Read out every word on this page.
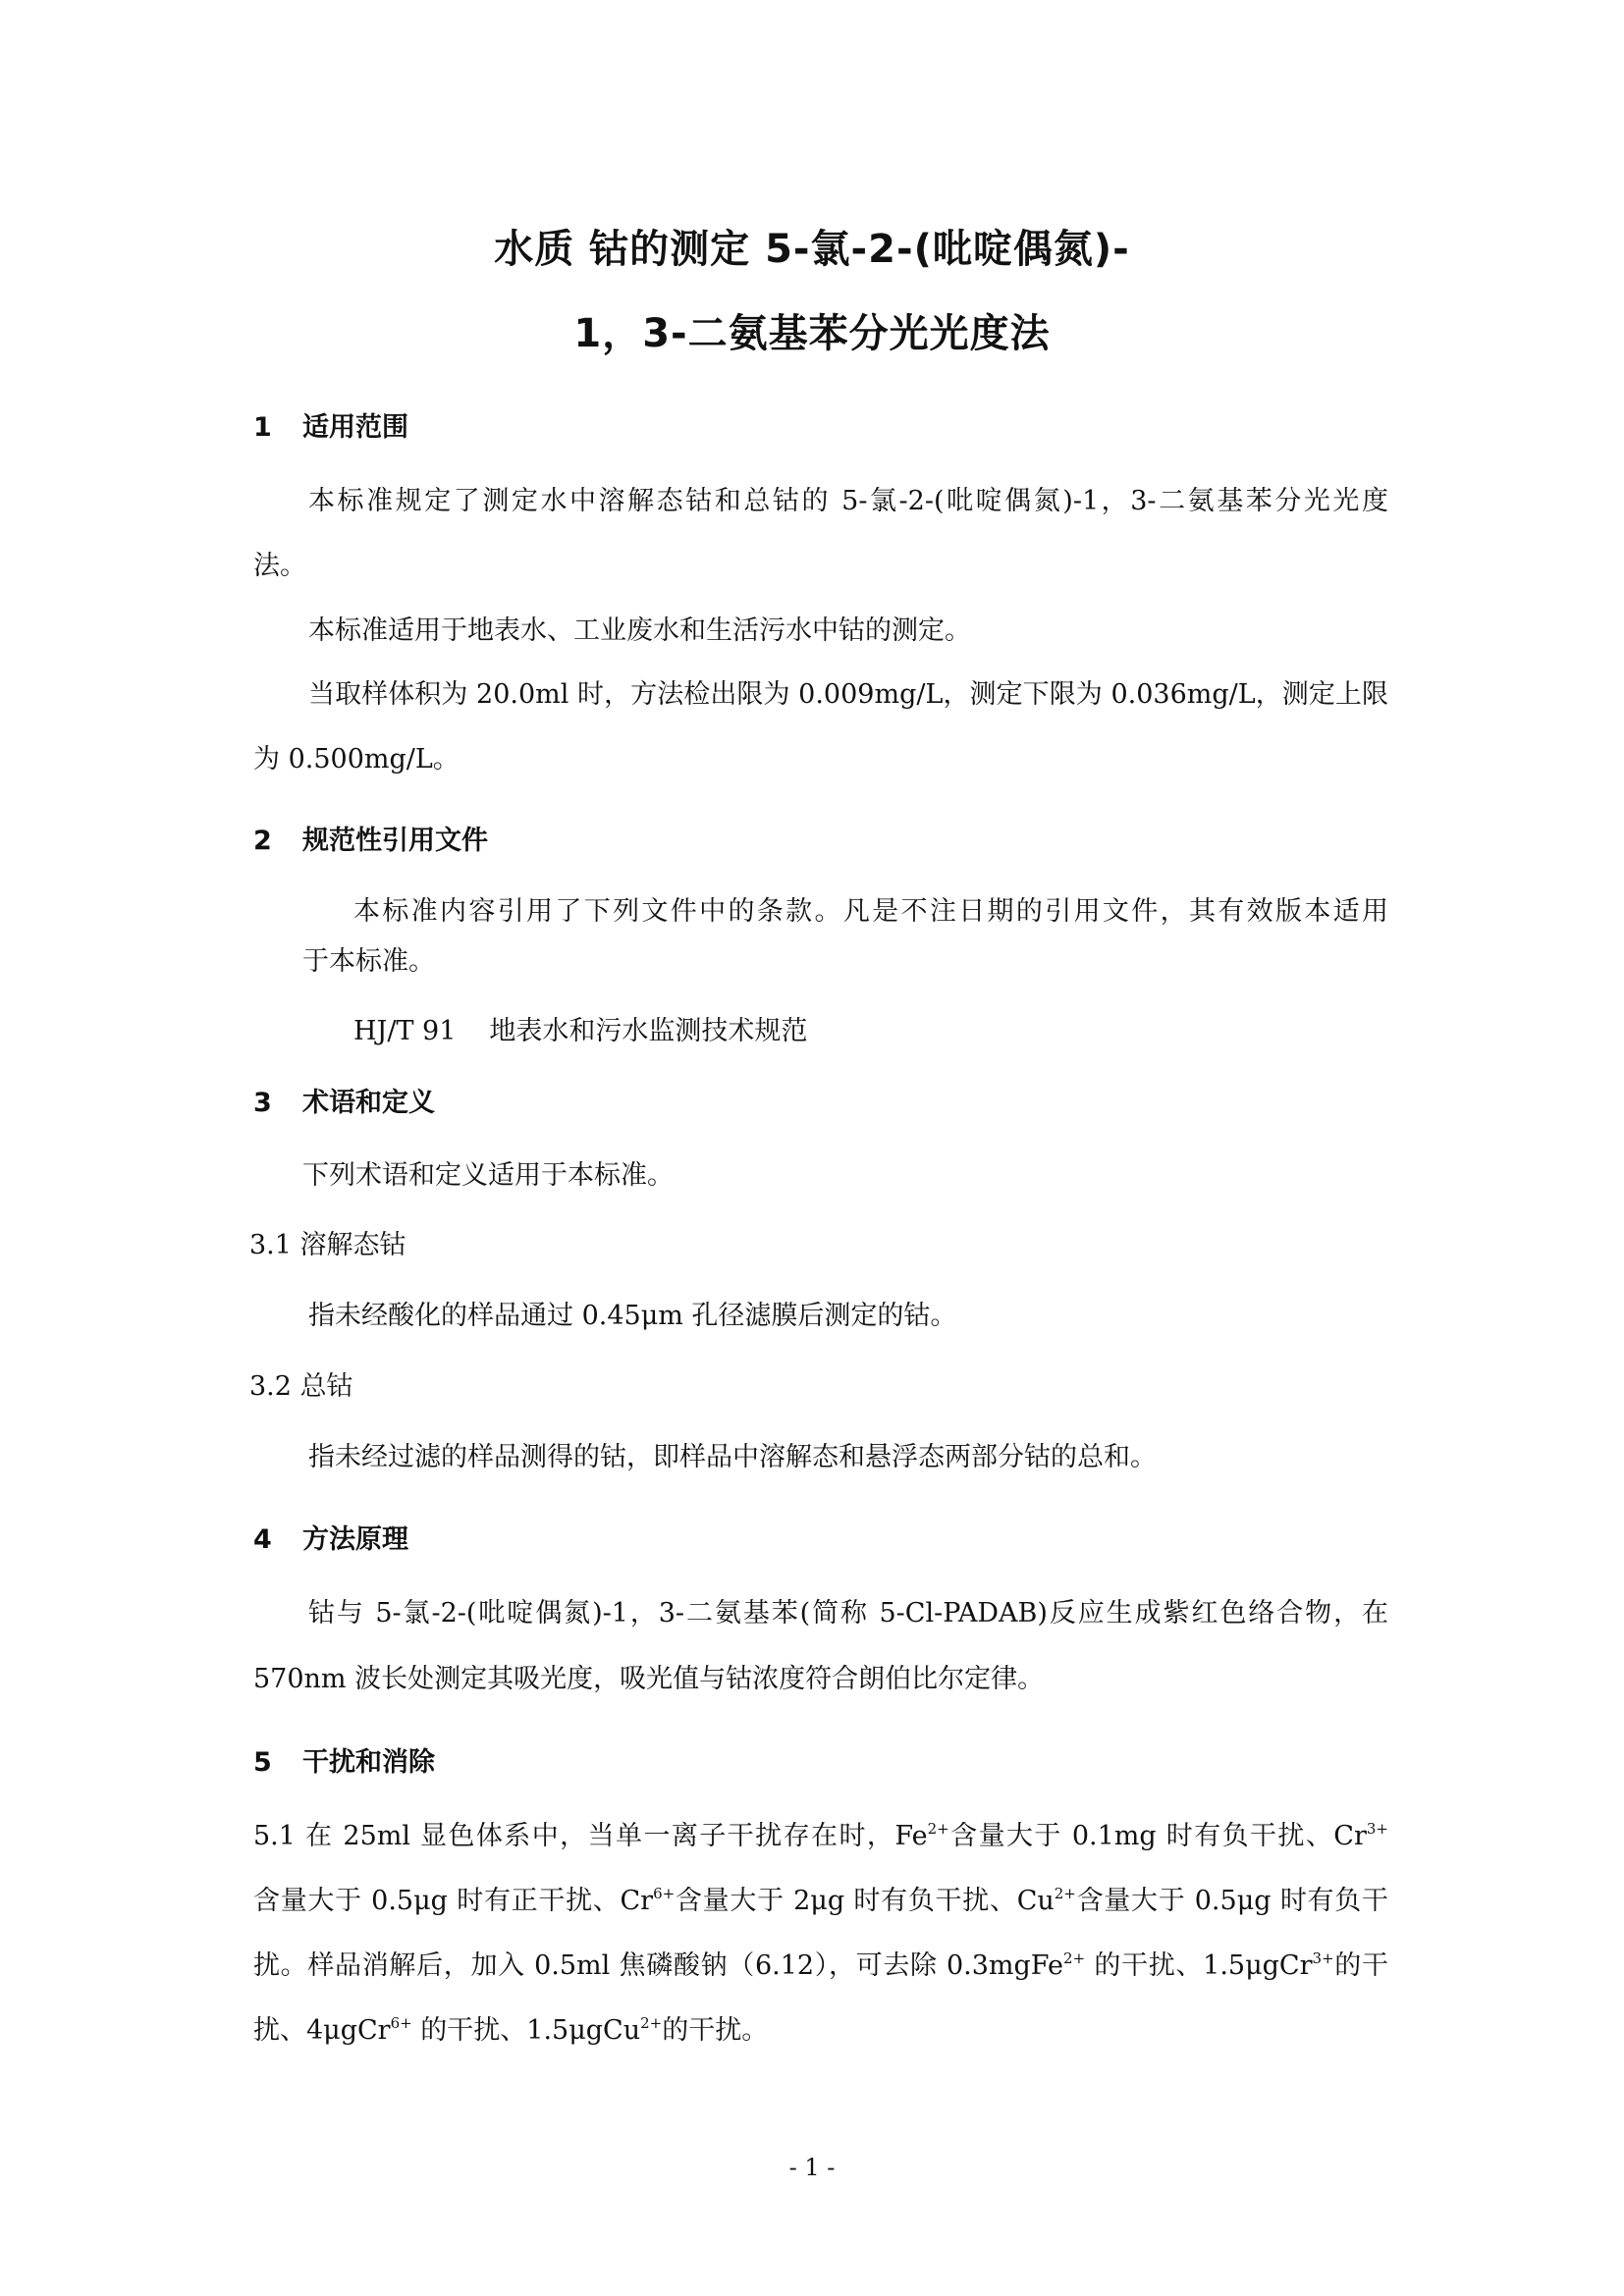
水质 钴的测定 5-氯-2-(吡啶偶氮)-
1，3-二氨基苯分光光度法
1 适用范围
本标准规定了测定水中溶解态钴和总钴的 5-氯-2-(吡啶偶氮)-1，3-二氨基苯分光光度
法。
本标准适用于地表水、工业废水和生活污水中钴的测定。
当取样体积为 20.0ml 时，方法检出限为 0.009mg/L，测定下限为 0.036mg/L，测定上限
为 0.500mg/L。
2 规范性引用文件
本标准内容引用了下列文件中的条款。凡是不注日期的引用文件，其有效版本适用
于本标准。
HJ/T 91 地表水和污水监测技术规范
3 术语和定义
下列术语和定义适用于本标准。
3.1 溶解态钴
指未经酸化的样品通过 0.45μm 孔径滤膜后测定的钴。
3.2 总钴
指未经过滤的样品测得的钴，即样品中溶解态和悬浮态两部分钴的总和。
4 方法原理
钴与 5-氯-2-(吡啶偶氮)-1，3-二氨基苯(简称 5-Cl-PADAB)反应生成紫红色络合物，在
570nm 波长处测定其吸光度，吸光值与钴浓度符合朗伯比尔定律。
5 干扰和消除
5.1 在 25ml 显色体系中，当单一离子干扰存在时，$Fe^{2+}$含量大于 0.1mg 时有负干扰、$Cr^{3+}$
含量大于 0.5μg 时有正干扰、$Cr^{6+}$含量大于 2μg 时有负干扰、$Cu^{2+}$含量大于 0.5μg 时有负干
扰。样品消解后，加入 0.5ml 焦磷酸钠（6.12），可去除 0.3mgFe$^{2+}$ 的干扰、1.5μgCr$^{3+}$的干
扰、4μgCr$^{6+}$ 的干扰、1.5μgCu$^{2+}$的干扰。
- 1 -
